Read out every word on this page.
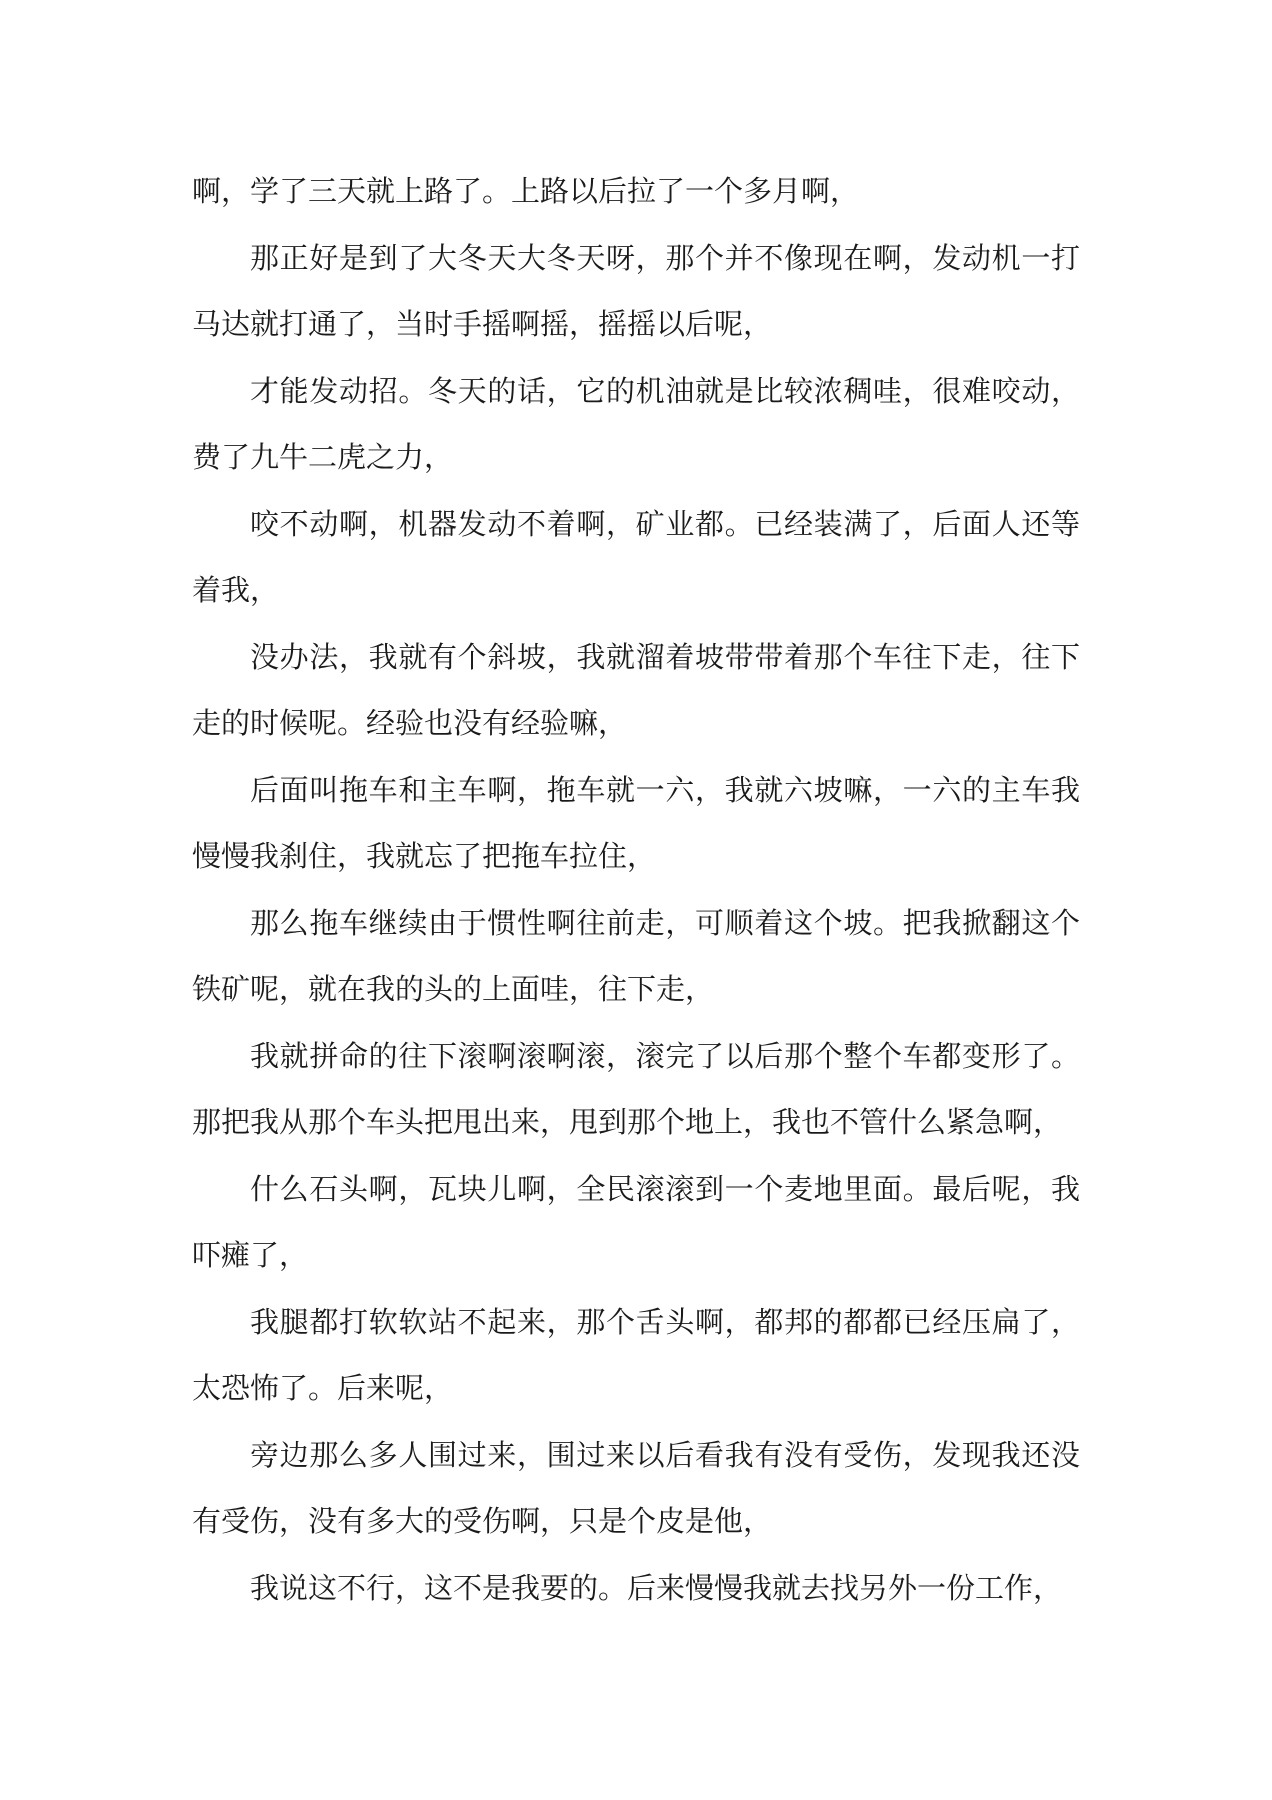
啊，学了三天就上路了。上路以后拉了一个多月啊，

那正好是到了大冬天大冬天呀，那个并不像现在啊，发动机一打马达就打通了，当时手摇啊摇，摇摇以后呢，

才能发动招。冬天的话，它的机油就是比较浓稠哇，很难咬动，费了九牛二虎之力，

咬不动啊，机器发动不着啊，矿业都。已经装满了，后面人还等着我，

没办法，我就有个斜坡，我就溜着坡带带着那个车往下走，往下走的时候呢。经验也没有经验嘛，

后面叫拖车和主车啊，拖车就一六，我就六坡嘛，一六的主车我慢慢我刹住，我就忘了把拖车拉住，

那么拖车继续由于惯性啊往前走，可顺着这个坡。把我掀翻这个铁矿呢，就在我的头的上面哇，往下走，

我就拼命的往下滚啊滚啊滚，滚完了以后那个整个车都变形了。那把我从那个车头把甩出来，甩到那个地上，我也不管什么紧急啊，

什么石头啊，瓦块儿啊，全民滚滚到一个麦地里面。最后呢，我吓瘫了，

我腿都打软软站不起来，那个舌头啊，都邦的都都已经压扁了，太恐怖了。后来呢，

旁边那么多人围过来，围过来以后看我有没有受伤，发现我还没有受伤，没有多大的受伤啊，只是个皮是他，

我说这不行，这不是我要的。后来慢慢我就去找另外一份工作，
